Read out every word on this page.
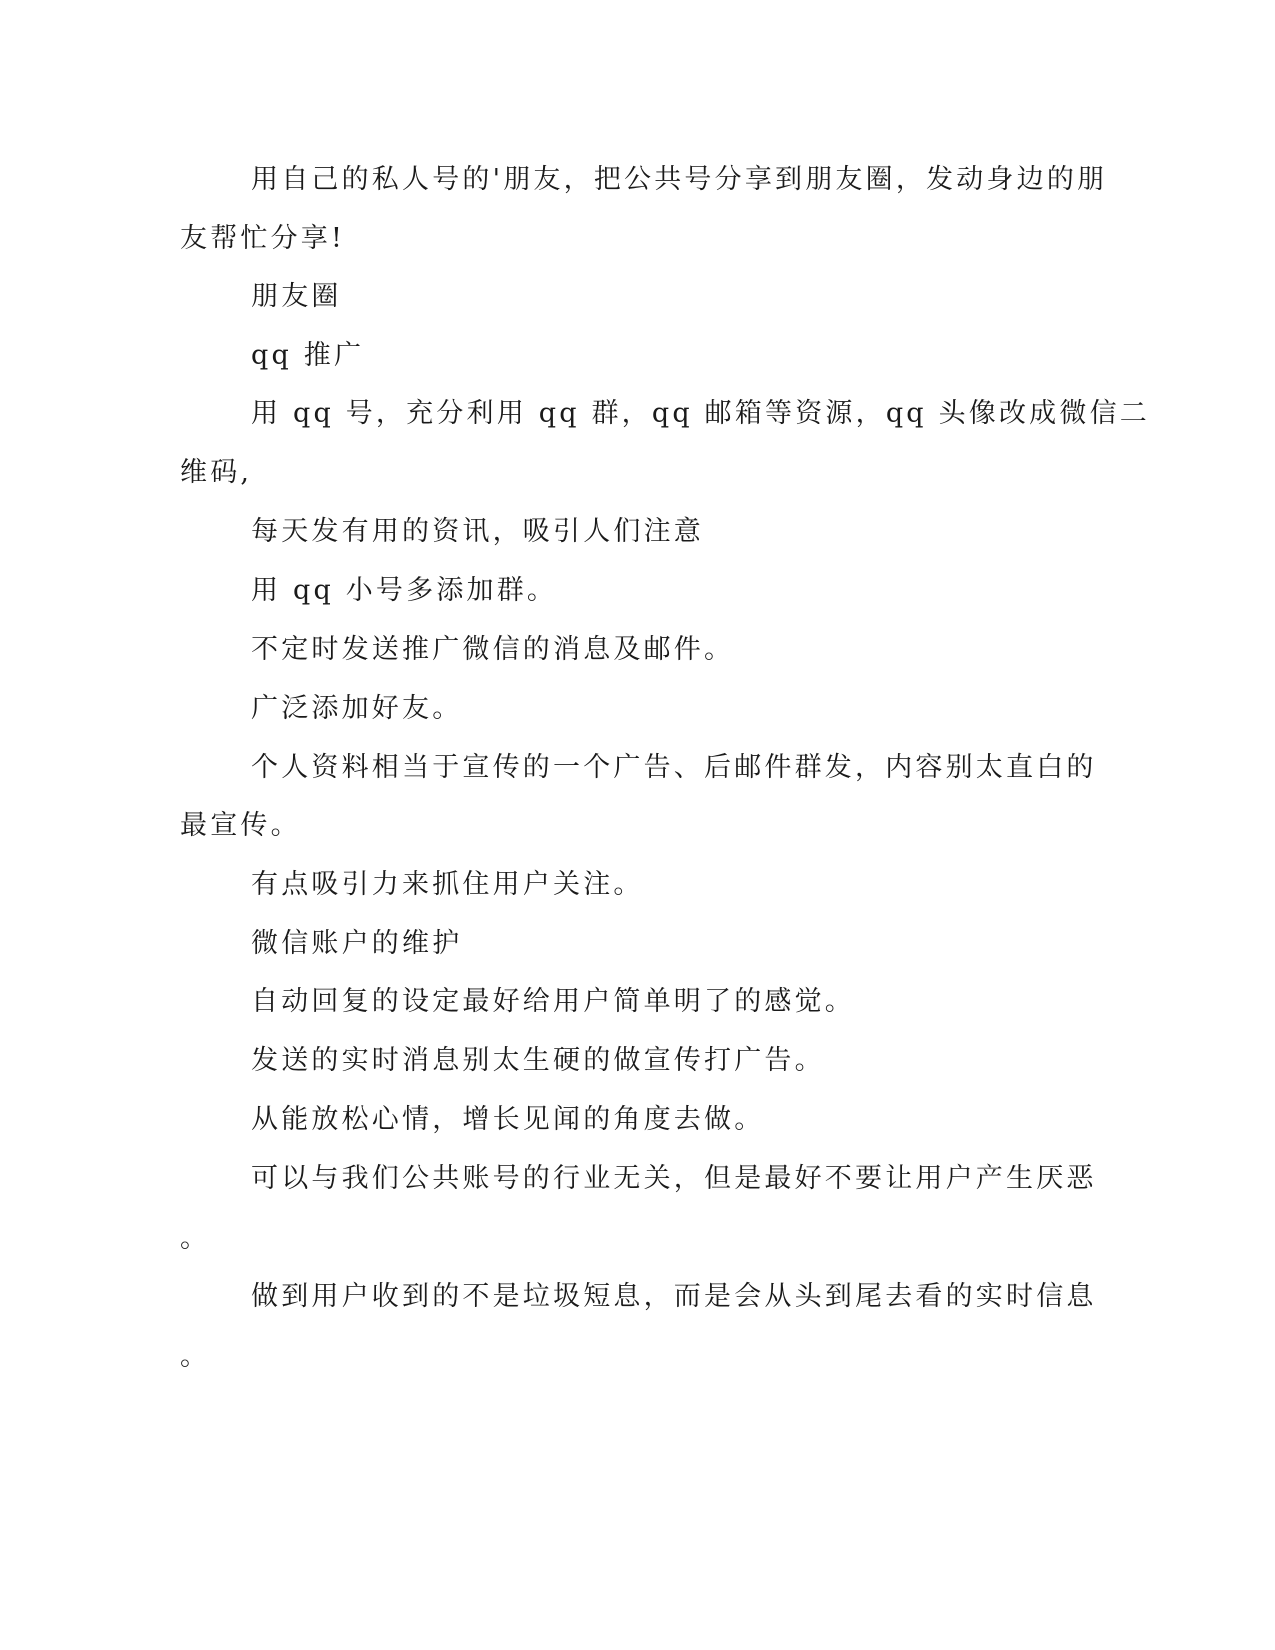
用自己的私人号的'朋友，把公共号分享到朋友圈，发动身边的朋

友帮忙分享!

朋友圈

qq 推广

用 qq 号，充分利用 qq 群，qq 邮箱等资源，qq 头像改成微信二

维码,

每天发有用的资讯，吸引人们注意

用 qq 小号多添加群。

不定时发送推广微信的消息及邮件。

广泛添加好友。

个人资料相当于宣传的一个广告、后邮件群发，内容别太直白的

最宣传。

有点吸引力来抓住用户关注。

微信账户的维护

自动回复的设定最好给用户简单明了的感觉。

发送的实时消息别太生硬的做宣传打广告。

从能放松心情，增长见闻的角度去做。

可以与我们公共账号的行业无关，但是最好不要让用户产生厌恶

。

做到用户收到的不是垃圾短息，而是会从头到尾去看的实时信息

。
